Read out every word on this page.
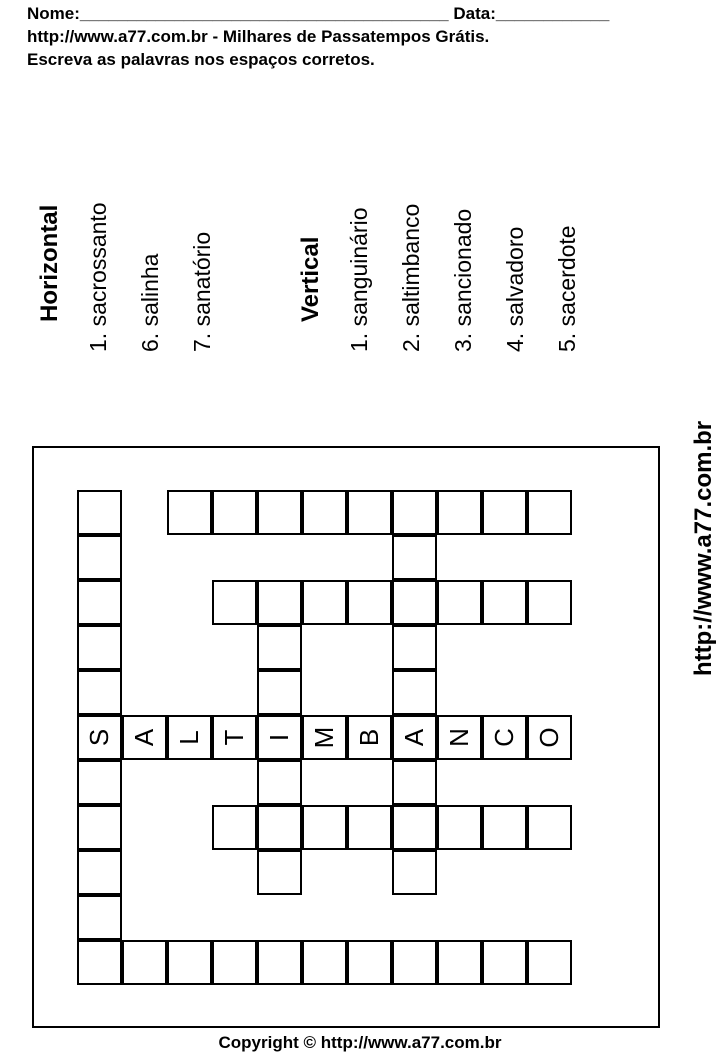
Nome:_______________________________________ Data:____________
http://www.a77.com.br - Milhares de Passatempos Grátis.
Escreva as palavras nos espaços corretos.
Horizontal 1. sacrossanto 6. salinha 7. sanatório	Vertical 1. sanguinário 2. saltimbanco 3. sancionado 4. salvadoro 5. sacerdote
http://www.a77.com.br
S A L T I M B A N C O
Copyright © http://www.a77.com.br
